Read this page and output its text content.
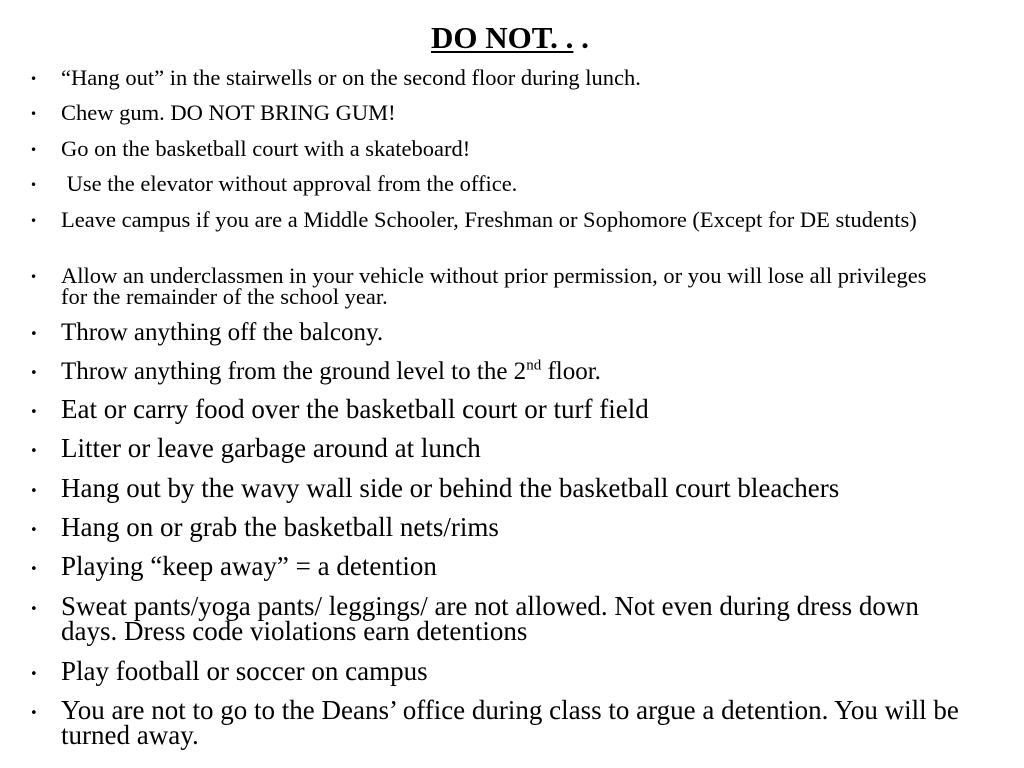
DO NOT. . .
• “Hang out” in the stairwells or on the second floor during lunch.
• Chew gum. DO NOT BRING GUM!
• Go on the basketball court with a skateboard!
• Use the elevator without approval from the office.
• Leave campus if you are a Middle Schooler, Freshman or Sophomore (Except for DE students)
• Allow an underclassmen in your vehicle without prior permission, or you will lose all privileges for the remainder of the school year.
• Throw anything off the balcony.
• Throw anything from the ground level to the 2nd floor.
• Eat or carry food over the basketball court or turf field
• Litter or leave garbage around at lunch
• Hang out by the wavy wall side or behind the basketball court bleachers
• Hang on or grab the basketball nets/rims
• Playing “keep away” = a detention
• Sweat pants/yoga pants/ leggings/ are not allowed. Not even during dress down days. Dress code violations earn detentions
• Play football or soccer on campus
• You are not to go to the Deans’ office during class to argue a detention. You will be turned away.
